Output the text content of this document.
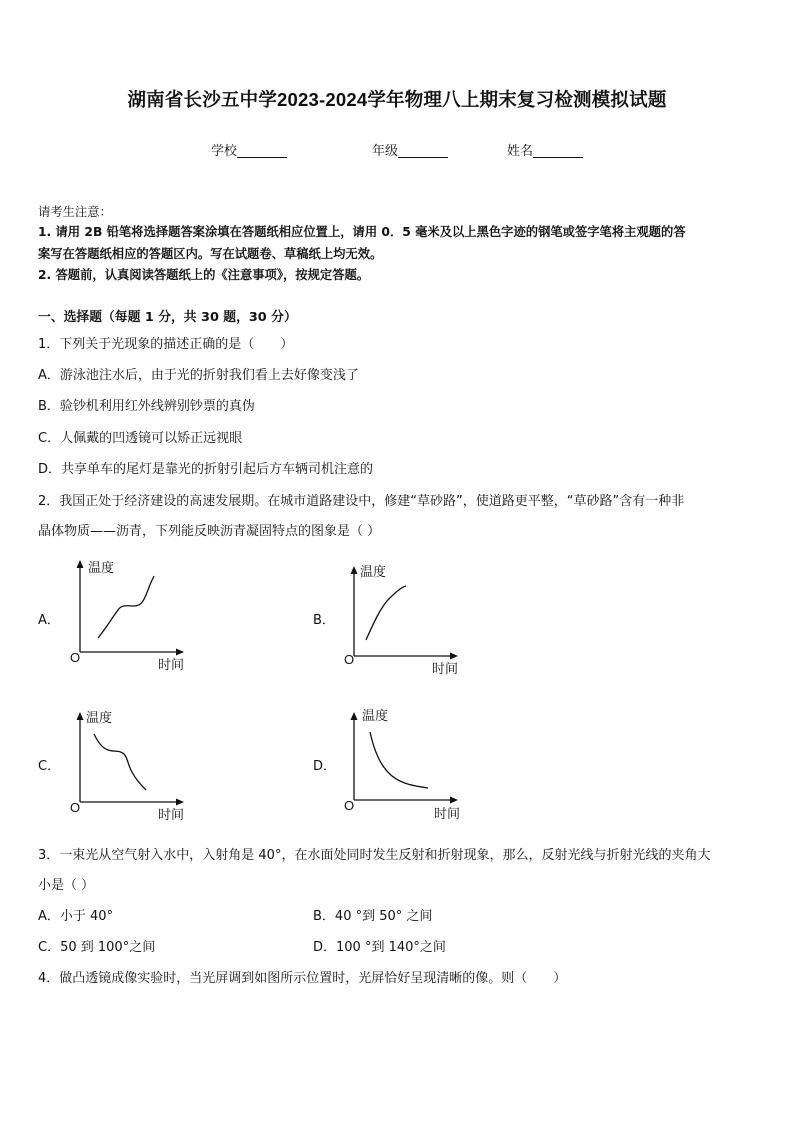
湖南省长沙五中学2023-2024学年物理八上期末复习检测模拟试题
学校	年级	姓名
请考生注意：
1. 请用 2B 铅笔将选择题答案涂填在答题纸相应位置上，请用 0．5 毫米及以上黑色字迹的钢笔或签字笔将主观题的答
案写在答题纸相应的答题区内。写在试题卷、草稿纸上均无效。
2. 答题前，认真阅读答题纸上的《注意事项》，按规定答题。
一、选择题（每题 1 分，共 30 题，30 分）
1．下列关于光现象的描述正确的是（　　）
A．游泳池注水后，由于光的折射我们看上去好像变浅了
B．验钞机利用红外线辨别钞票的真伪
C．人佩戴的凹透镜可以矫正远视眼
D．共享单车的尾灯是靠光的折射引起后方车辆司机注意的
2．我国正处于经济建设的高速发展期。在城市道路建设中，修建“草砂路”，使道路更平整，“草砂路”含有一种非
晶体物质——沥青，下列能反映沥青凝固特点的图象是（ ）
A．
温度
O
时间
B．
温度
O
时间
C．
温度
O
时间
D．
温度
O
时间
3．一束光从空气射入水中，入射角是 40°，在水面处同时发生反射和折射现象，那么，反射光线与折射光线的夹角大
小是（ ）
A．小于 40°	B．40 °到 50° 之间
C．50 到 100°之间	D．100 °到 140°之间
4．做凸透镜成像实验时，当光屏调到如图所示位置时，光屏恰好呈现清晰的像。则（　　）
